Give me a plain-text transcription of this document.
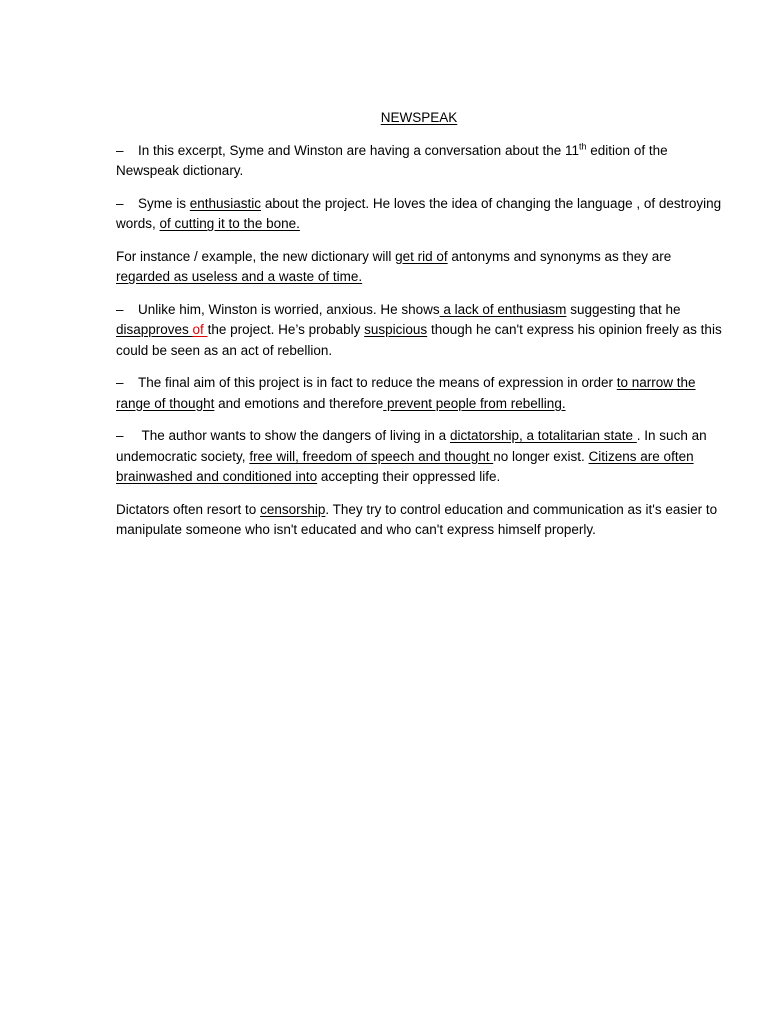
NEWSPEAK

– In this excerpt, Syme and Winston are having a conversation about the 11th edition of the Newspeak dictionary.

– Syme is enthusiastic about the project. He loves the idea of changing the language , of destroying words, of cutting it to the bone.

For instance / example, the new dictionary will get rid of antonyms and synonyms as they are regarded as useless and a waste of time.

– Unlike him, Winston is worried, anxious. He shows a lack of enthusiasm suggesting that he disapproves of the project. He’s probably suspicious though he can't express his opinion freely as this could be seen as an act of rebellion.

– The final aim of this project is in fact to reduce the means of expression in order to narrow the range of thought and emotions and therefore prevent people from rebelling.

– The author wants to show the dangers of living in a dictatorship, a totalitarian state . In such an undemocratic society, free will, freedom of speech and thought no longer exist. Citizens are often brainwashed and conditioned into accepting their oppressed life.

Dictators often resort to censorship. They try to control education and communication as it's easier to manipulate someone who isn't educated and who can't express himself properly.
